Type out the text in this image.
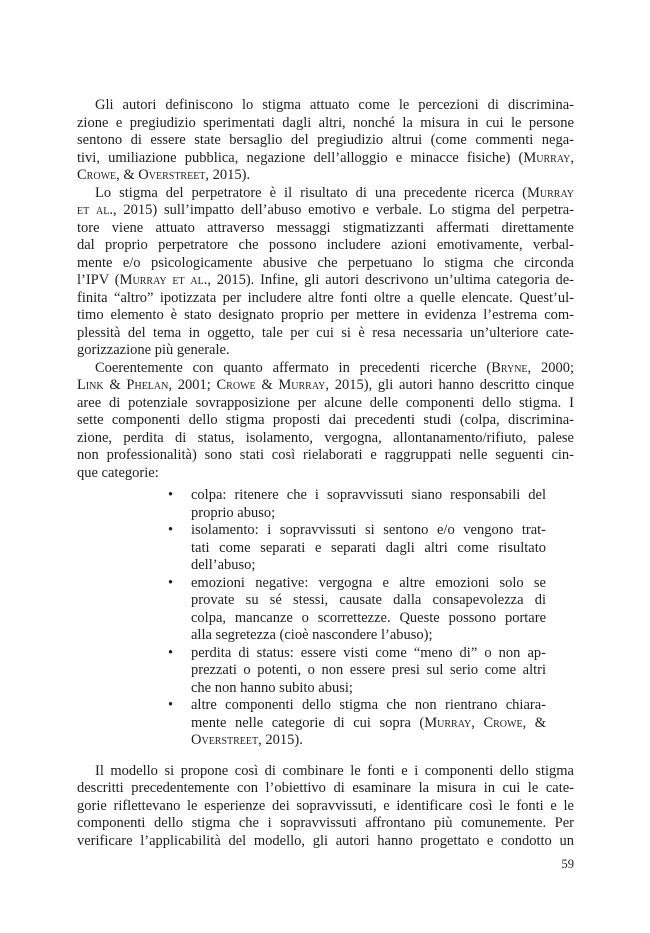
Gli autori definiscono lo stigma attuato come le percezioni di discrimina-
zione e pregiudizio sperimentati dagli altri, nonché la misura in cui le persone
sentono di essere state bersaglio del pregiudizio altrui (come commenti nega-
tivi, umiliazione pubblica, negazione dell’alloggio e minacce fisiche) (Murray,
Crowe, & Overstreet, 2015).
Lo stigma del perpetratore è il risultato di una precedente ricerca (Murray
et al., 2015) sull’impatto dell’abuso emotivo e verbale. Lo stigma del perpetra-
tore viene attuato attraverso messaggi stigmatizzanti affermati direttamente
dal proprio perpetratore che possono includere azioni emotivamente, verbal-
mente e/o psicologicamente abusive che perpetuano lo stigma che circonda
l’IPV (Murray et al., 2015). Infine, gli autori descrivono un’ultima categoria de-
finita “altro” ipotizzata per includere altre fonti oltre a quelle elencate. Quest’ul-
timo elemento è stato designato proprio per mettere in evidenza l’estrema com-
plessità del tema in oggetto, tale per cui si è resa necessaria un’ulteriore cate-
gorizzazione più generale.
Coerentemente con quanto affermato in precedenti ricerche (Bryne, 2000;
Link & Phelan, 2001; Crowe & Murray, 2015), gli autori hanno descritto cinque
aree di potenziale sovrapposizione per alcune delle componenti dello stigma. I
sette componenti dello stigma proposti dai precedenti studi (colpa, discrimina-
zione, perdita di status, isolamento, vergogna, allontanamento/rifiuto, palese
non professionalità) sono stati così rielaborati e raggruppati nelle seguenti cin-
que categorie:
• colpa: ritenere che i sopravvissuti siano responsabili del
proprio abuso;
• isolamento: i sopravvissuti si sentono e/o vengono trat-
tati come separati e separati dagli altri come risultato
dell’abuso;
• emozioni negative: vergogna e altre emozioni solo se
provate su sé stessi, causate dalla consapevolezza di
colpa, mancanze o scorrettezze. Queste possono portare
alla segretezza (cioè nascondere l’abuso);
• perdita di status: essere visti come “meno di” o non ap-
prezzati o potenti, o non essere presi sul serio come altri
che non hanno subito abusi;
• altre componenti dello stigma che non rientrano chiara-
mente nelle categorie di cui sopra (Murray, Crowe, &
Overstreet, 2015).
Il modello si propone così di combinare le fonti e i componenti dello stigma
descritti precedentemente con l’obiettivo di esaminare la misura in cui le cate-
gorie riflettevano le esperienze dei sopravvissuti, e identificare così le fonti e le
componenti dello stigma che i sopravvissuti affrontano più comunemente. Per
verificare l’applicabilità del modello, gli autori hanno progettato e condotto un
59
